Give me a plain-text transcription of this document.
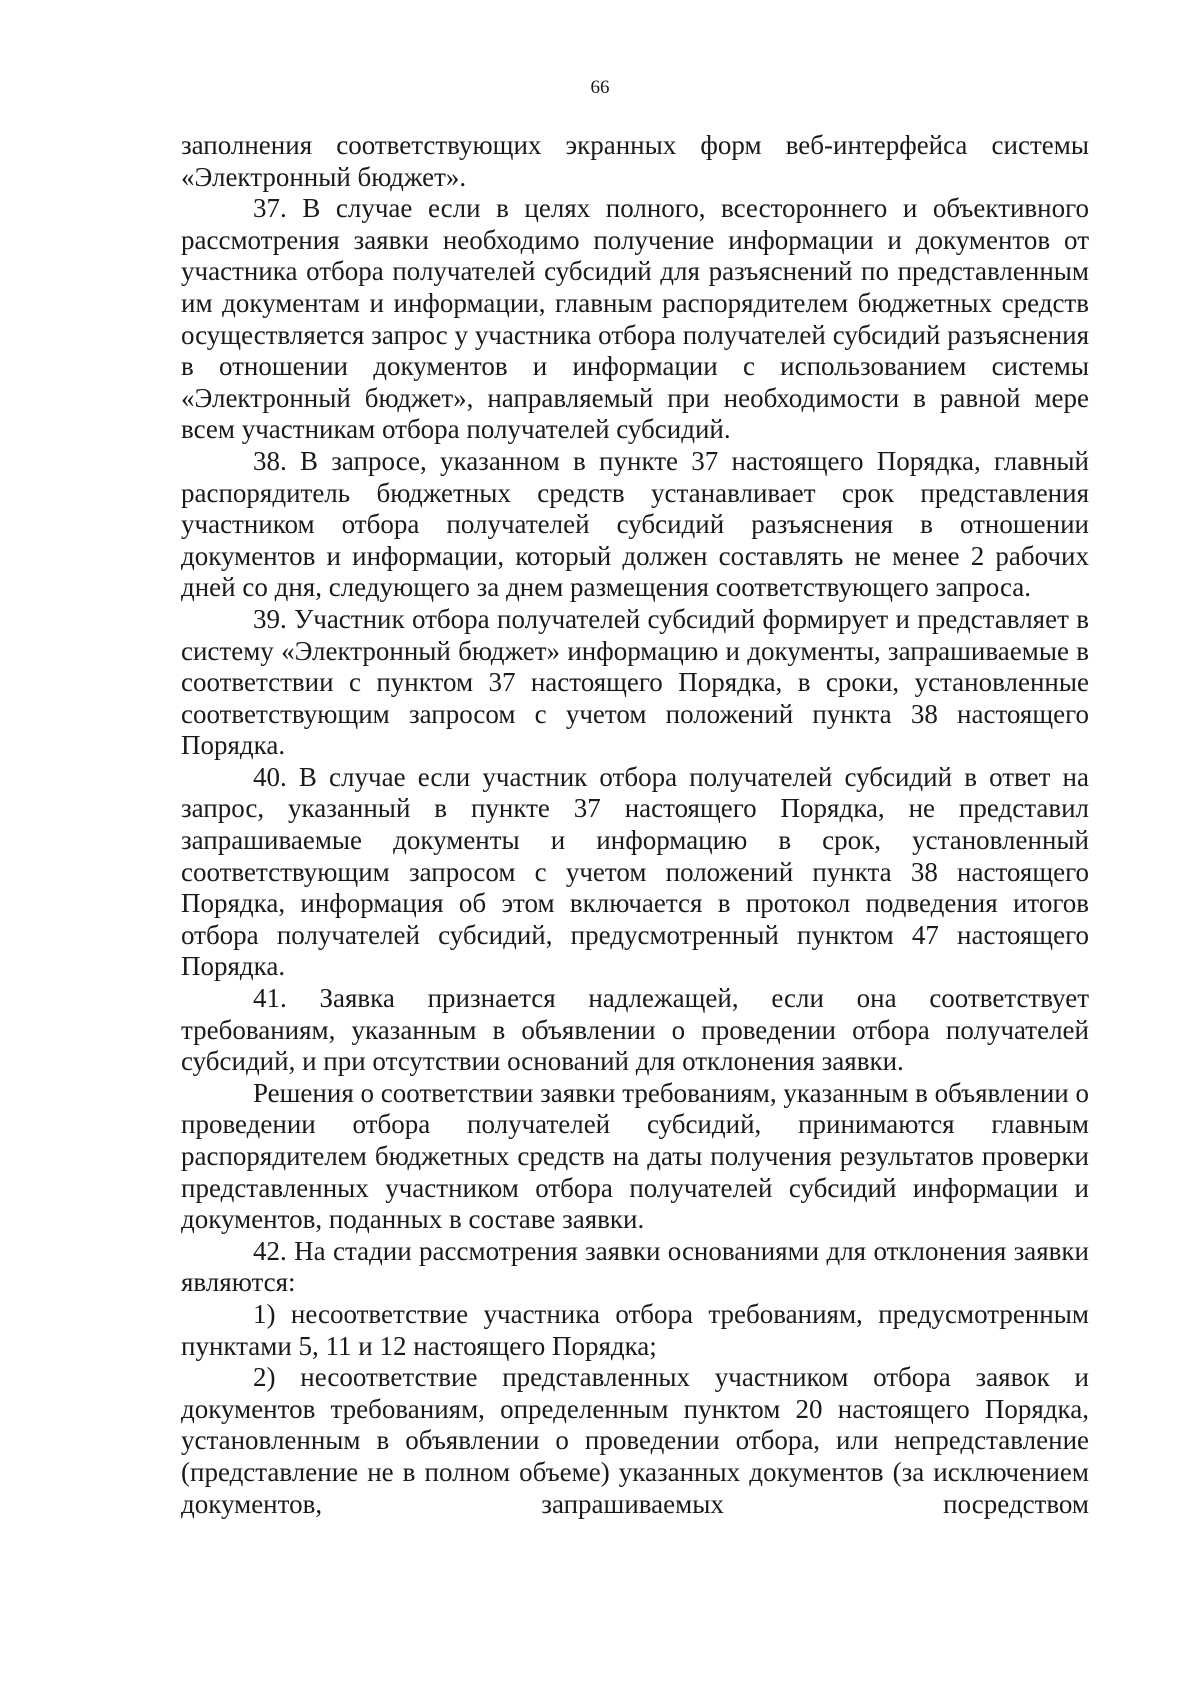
66

заполнения соответствующих экранных форм веб-интерфейса системы «Электронный бюджет».

37. В случае если в целях полного, всестороннего и объективного рассмотрения заявки необходимо получение информации и документов от участника отбора получателей субсидий для разъяснений по представленным им документам и информации, главным распорядителем бюджетных средств осуществляется запрос у участника отбора получателей субсидий разъяснения в отношении документов и информации с использованием системы «Электронный бюджет», направляемый при необходимости в равной мере всем участникам отбора получателей субсидий.

38. В запросе, указанном в пункте 37 настоящего Порядка, главный распорядитель бюджетных средств устанавливает срок представления участником отбора получателей субсидий разъяснения в отношении документов и информации, который должен составлять не менее 2 рабочих дней со дня, следующего за днем размещения соответствующего запроса.

39. Участник отбора получателей субсидий формирует и представляет в систему «Электронный бюджет» информацию и документы, запрашиваемые в соответствии с пунктом 37 настоящего Порядка, в сроки, установленные соответствующим запросом с учетом положений пункта 38 настоящего Порядка.

40. В случае если участник отбора получателей субсидий в ответ на запрос, указанный в пункте 37 настоящего Порядка, не представил запрашиваемые документы и информацию в срок, установленный соответствующим запросом с учетом положений пункта 38 настоящего Порядка, информация об этом включается в протокол подведения итогов отбора получателей субсидий, предусмотренный пунктом 47 настоящего Порядка.

41. Заявка признается надлежащей, если она соответствует требованиям, указанным в объявлении о проведении отбора получателей субсидий, и при отсутствии оснований для отклонения заявки.

Решения о соответствии заявки требованиям, указанным в объявлении о проведении отбора получателей субсидий, принимаются главным распорядителем бюджетных средств на даты получения результатов проверки представленных участником отбора получателей субсидий информации и документов, поданных в составе заявки.

42. На стадии рассмотрения заявки основаниями для отклонения заявки являются:

1) несоответствие участника отбора требованиям, предусмотренным пунктами 5, 11 и 12 настоящего Порядка;

2) несоответствие представленных участником отбора заявок и документов требованиям, определенным пунктом 20 настоящего Порядка, установленным в объявлении о проведении отбора, или непредставление (представление не в полном объеме) указанных документов (за исключением документов, запрашиваемых посредством
